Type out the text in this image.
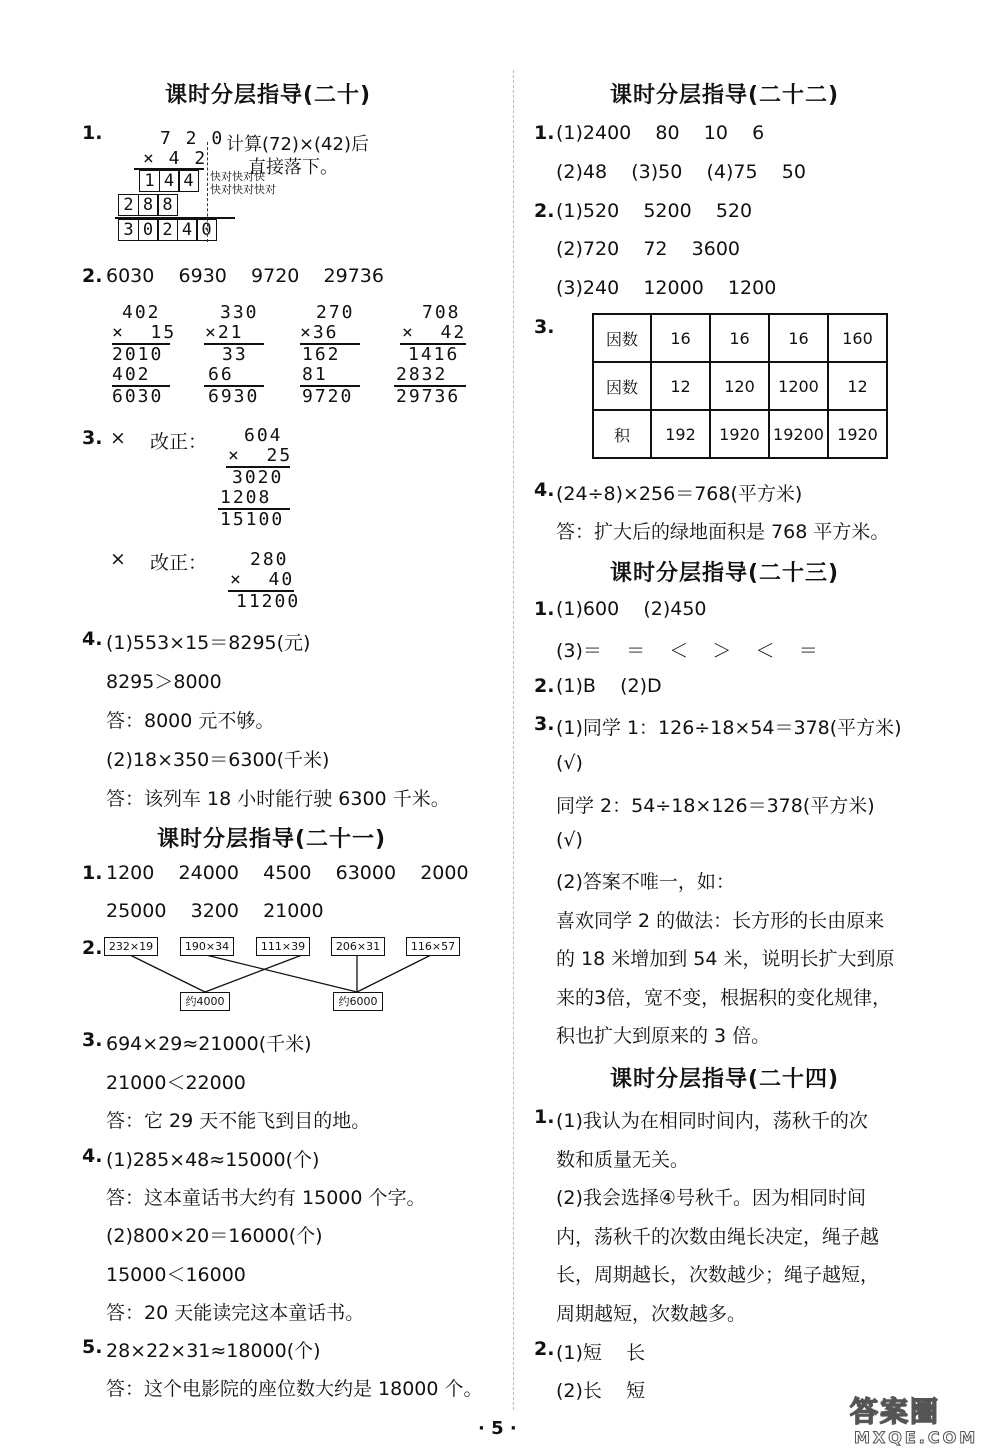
课时分层指导(二十)
1.	7 2 0
× 4 2
计算(72)×(42)后
直接落下。
快对快对快
快对快对快对
1 4 4
2 8 8
3 0 2 4 0
2. 6030    6930    9720    29736
402
×  15
2010
402
6030
330
×21
33
66
6930
270
×36
162
81
9720
708
×  42
1416
2832
29736
3. × 改正： 604
×  25
3020
1208
15100
× 改正： 280
×  40
11200
4. (1)553×15＝8295(元)
8295＞8000
答：8000 元不够。
(2)18×350＝6300(千米)
答：该列车 18 小时能行驶 6300 千米。
课时分层指导(二十一)
1. 1200    24000    4500    63000    2000
25000    3200    21000
2. 232×19	190×34	111×39	206×31	116×57
约4000	约6000
3. 694×29≈21000(千米)
21000＜22000
答：它 29 天不能飞到目的地。
4. (1)285×48≈15000(个)
答：这本童话书大约有 15000 个字。
(2)800×20＝16000(个)
15000＜16000
答：20 天能读完这本童话书。
5. 28×22×31≈18000(个)
答：这个电影院的座位数大约是 18000 个。
课时分层指导(二十二)
1. (1)2400    80    10    6
(2)48    (3)50    (4)75    50
2. (1)520    5200    520
(2)720    72    3600
(3)240    12000    1200
3.
因数	16	16	16	160
因数	12	120	1200	12
积	192	1920	19200	1920
4. (24÷8)×256＝768(平方米)
答：扩大后的绿地面积是 768 平方米。
课时分层指导(二十三)
1. (1)600    (2)450
(3)＝    ＝    ＜    ＞    ＜    ＝
2. (1)B    (2)D
3. (1)同学 1：126÷18×54＝378(平方米)
(√)
同学 2：54÷18×126＝378(平方米)
(√)
(2)答案不唯一，如：
喜欢同学 2 的做法：长方形的长由原来
的 18 米增加到 54 米，说明长扩大到原
来的3倍，宽不变，根据积的变化规律，
积也扩大到原来的 3 倍。
课时分层指导(二十四)
1. (1)我认为在相同时间内，荡秋千的次
数和质量无关。
(2)我会选择④号秋千。因为相同时间
内，荡秋千的次数由绳长决定，绳子越
长，周期越长，次数越少；绳子越短，
周期越短，次数越多。
2. (1)短    长
(2)长    短
· 5 ·
答案圈
MXQE.COM
